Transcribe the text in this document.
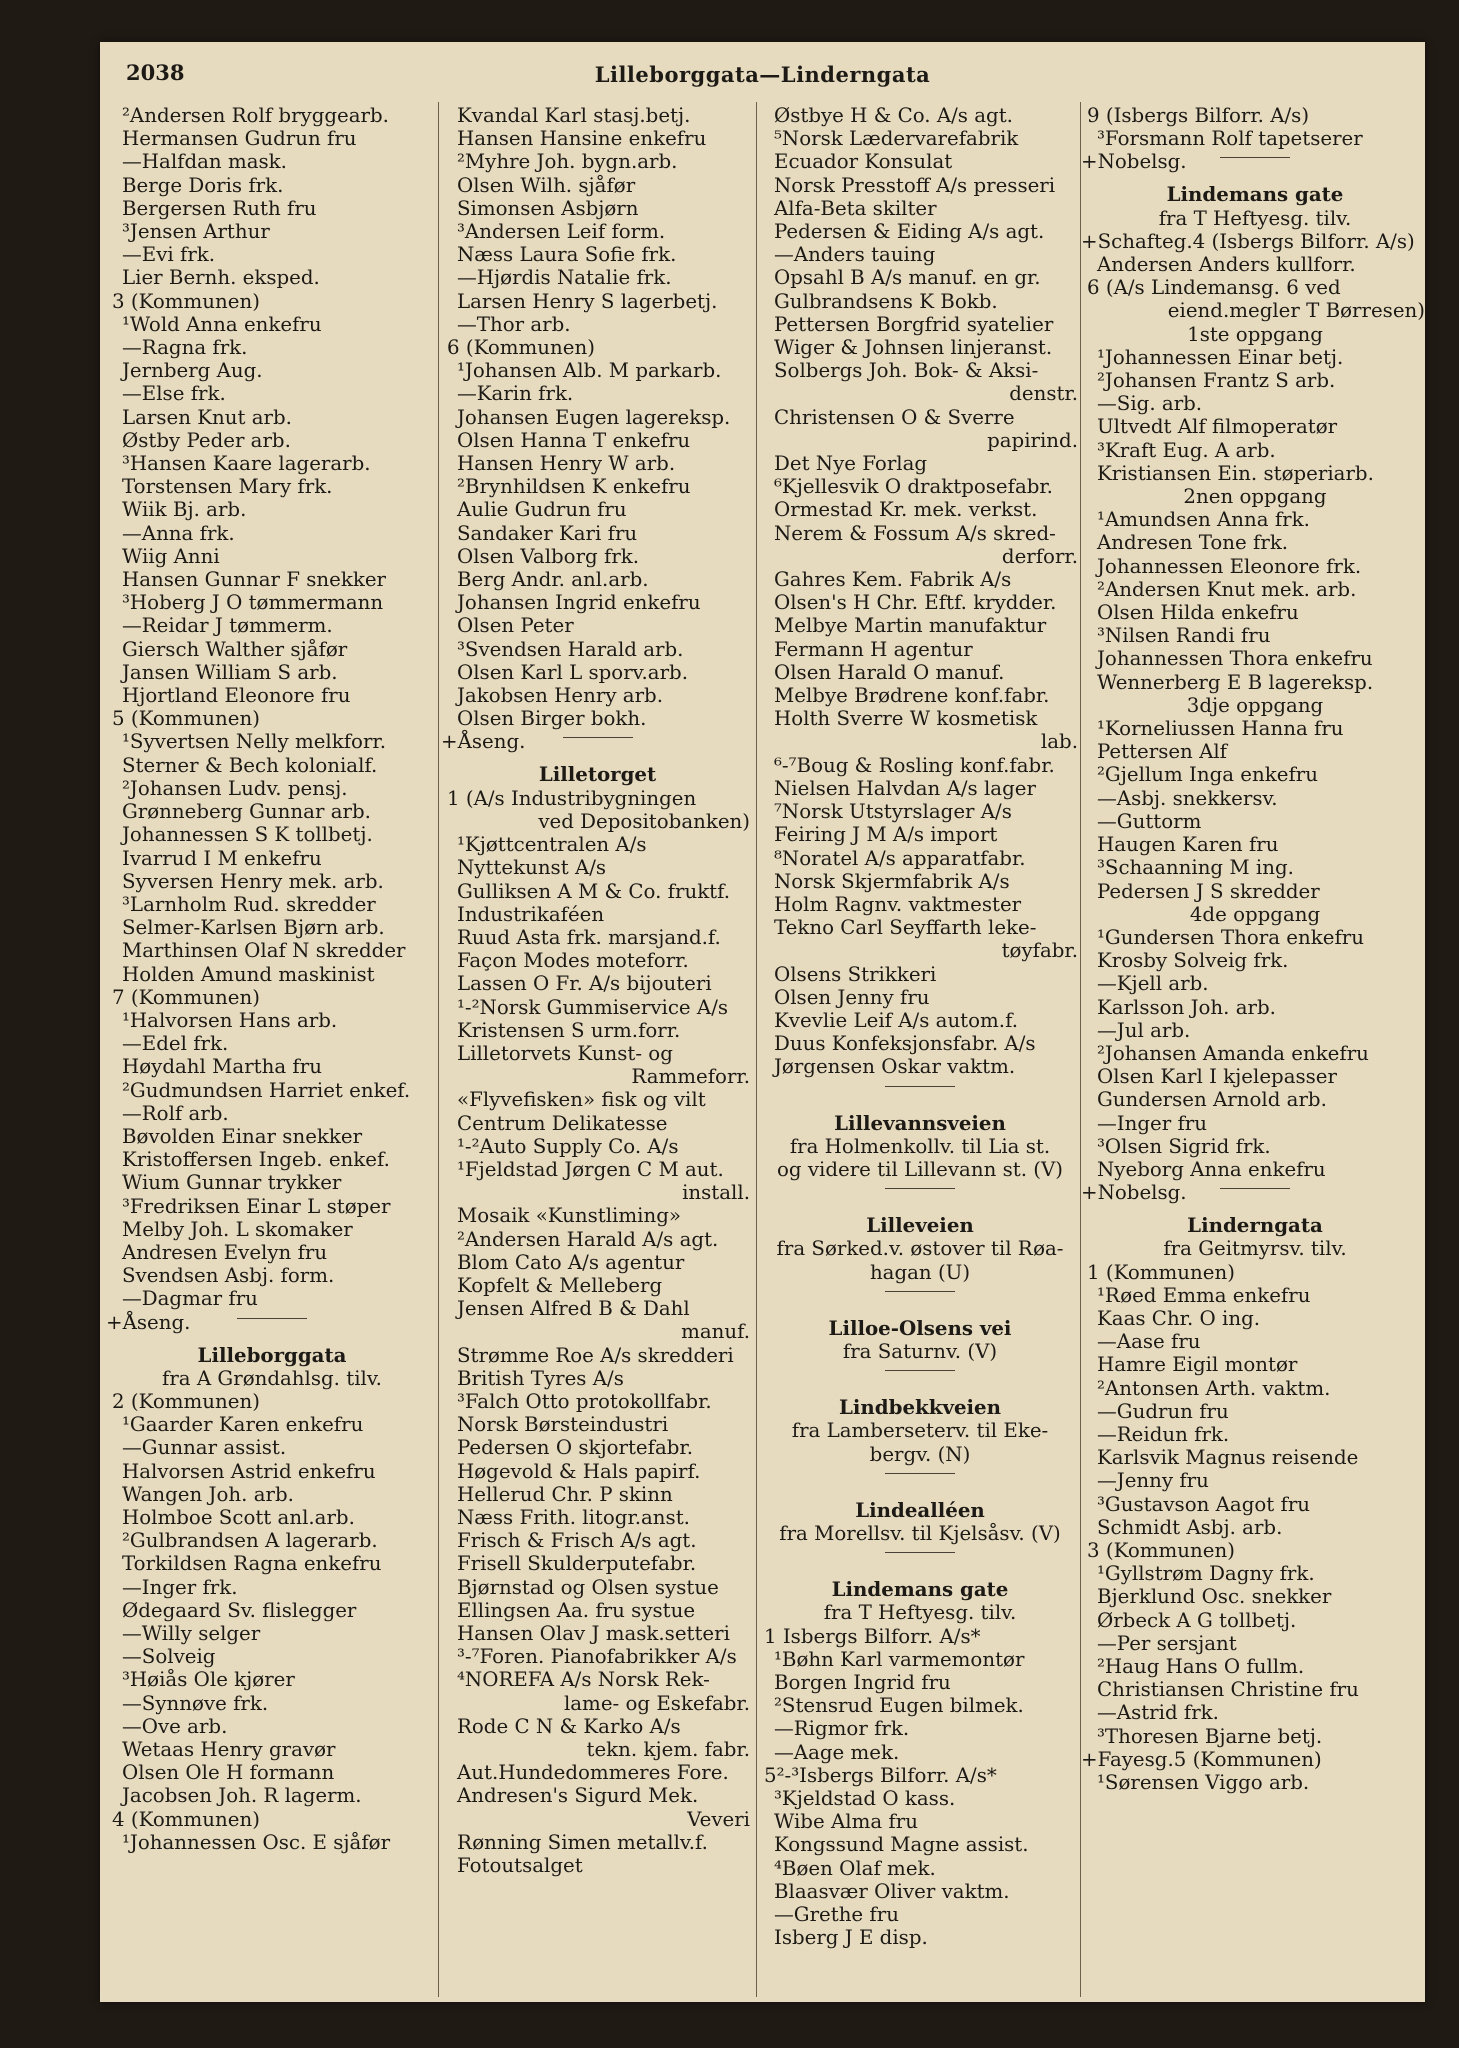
2038	Lilleborggata—Linderngata
²Andersen Rolf bryggearb.
Hermansen Gudrun fru
—Halfdan mask.
Berge Doris frk.
Bergersen Ruth fru
³Jensen Arthur
—Evi frk.
Lier Bernh. eksped.
3 (Kommunen)
¹Wold Anna enkefru
—Ragna frk.
Jernberg Aug.
—Else frk.
Larsen Knut arb.
Østby Peder arb.
³Hansen Kaare lagerarb.
Torstensen Mary frk.
Wiik Bj. arb.
—Anna frk.
Wiig Anni
Hansen Gunnar F snekker
³Hoberg J O tømmermann
—Reidar J tømmerm.
Giersch Walther sjåfør
Jansen William S arb.
Hjortland Eleonore fru
5 (Kommunen)
¹Syvertsen Nelly melkforr.
Sterner & Bech kolonialf.
²Johansen Ludv. pensj.
Grønneberg Gunnar arb.
Johannessen S K tollbetj.
Ivarrud I M enkefru
Syversen Henry mek. arb.
³Larnholm Rud. skredder
Selmer-Karlsen Bjørn arb.
Marthinsen Olaf N skredder
Holden Amund maskinist
7 (Kommunen)
¹Halvorsen Hans arb.
—Edel frk.
Høydahl Martha fru
²Gudmundsen Harriet enkef.
—Rolf arb.
Bøvolden Einar snekker
Kristoffersen Ingeb. enkef.
Wium Gunnar trykker
³Fredriksen Einar L støper
Melby Joh. L skomaker
Andresen Evelyn fru
Svendsen Asbj. form.
—Dagmar fru
+ Åseng.
Lilleborggata
fra A Grøndahlsg. tilv.
2 (Kommunen)
¹Gaarder Karen enkefru
—Gunnar assist.
Halvorsen Astrid enkefru
Wangen Joh. arb.
Holmboe Scott anl.arb.
²Gulbrandsen A lagerarb.
Torkildsen Ragna enkefru
—Inger frk.
Ødegaard Sv. flislegger
—Willy selger
—Solveig
³Høiås Ole kjører
—Synnøve frk.
—Ove arb.
Wetaas Henry gravør
Olsen Ole H formann
Jacobsen Joh. R lagerm.
4 (Kommunen)
¹Johannessen Osc. E sjåfør
Kvandal Karl stasj.betj.
Hansen Hansine enkefru
²Myhre Joh. bygn.arb.
Olsen Wilh. sjåfør
Simonsen Asbjørn
³Andersen Leif form.
Næss Laura Sofie frk.
—Hjørdis Natalie frk.
Larsen Henry S lagerbetj.
—Thor arb.
6 (Kommunen)
¹Johansen Alb. M parkarb.
—Karin frk.
Johansen Eugen lagereksp.
Olsen Hanna T enkefru
Hansen Henry W arb.
²Brynhildsen K enkefru
Aulie Gudrun fru
Sandaker Kari fru
Olsen Valborg frk.
Berg Andr. anl.arb.
Johansen Ingrid enkefru
Olsen Peter
³Svendsen Harald arb.
Olsen Karl L sporv.arb.
Jakobsen Henry arb.
Olsen Birger bokh.
+ Åseng.
Lilletorget
1 (A/s Industribygningen
ved Depositobanken)
¹Kjøttcentralen A/s
Nyttekunst A/s
Gulliksen A M & Co. fruktf.
Industrikaféen
Ruud Asta frk. marsjand.f.
Façon Modes moteforr.
Lassen O Fr. A/s bijouteri
¹‑²Norsk Gummiservice A/s
Kristensen S urm.forr.
Lilletorvets Kunst- og
Rammeforr.
«Flyvefisken» fisk og vilt
Centrum Delikatesse
¹‑²Auto Supply Co. A/s
¹Fjeldstad Jørgen C M aut.
install.
Mosaik «Kunstliming»
²Andersen Harald A/s agt.
Blom Cato A/s agentur
Kopfelt & Melleberg
Jensen Alfred B & Dahl
manuf.
Strømme Roe A/s skredderi
British Tyres A/s
³Falch Otto protokollfabr.
Norsk Børsteindustri
Pedersen O skjortefabr.
Høgevold & Hals papirf.
Hellerud Chr. P skinn
Næss Frith. litogr.anst.
Frisch & Frisch A/s agt.
Frisell Skulderputefabr.
Bjørnstad og Olsen systue
Ellingsen Aa. fru systue
Hansen Olav J mask.setteri
³‑⁷Foren. Pianofabrikker A/s
⁴NOREFA A/s Norsk Rek-
lame- og Eskefabr.
Rode C N & Karko A/s
tekn. kjem. fabr.
Aut.Hundedommeres Fore.
Andresen's Sigurd Mek.
Veveri
Rønning Simen metallv.f.
Fotoutsalget
Østbye H & Co. A/s agt.
⁵Norsk Lædervarefabrik
Ecuador Konsulat
Norsk Presstoff A/s presseri
Alfa-Beta skilter
Pedersen & Eiding A/s agt.
—Anders tauing
Opsahl B A/s manuf. en gr.
Gulbrandsens K Bokb.
Pettersen Borgfrid syatelier
Wiger & Johnsen linjeranst.
Solbergs Joh. Bok- & Aksi-
denstr.
Christensen O & Sverre
papirind.
Det Nye Forlag
⁶Kjellesvik O draktposefabr.
Ormestad Kr. mek. verkst.
Nerem & Fossum A/s skred-
derforr.
Gahres Kem. Fabrik A/s
Olsen's H Chr. Eftf. krydder.
Melbye Martin manufaktur
Fermann H agentur
Olsen Harald O manuf.
Melbye Brødrene konf.fabr.
Holth Sverre W kosmetisk
lab.
⁶‑⁷Boug & Rosling konf.fabr.
Nielsen Halvdan A/s lager
⁷Norsk Utstyrslager A/s
Feiring J M A/s import
⁸Noratel A/s apparatfabr.
Norsk Skjermfabrik A/s
Holm Ragnv. vaktmester
Tekno Carl Seyffarth leke-
tøyfabr.
Olsens Strikkeri
Olsen Jenny fru
Kvevlie Leif A/s autom.f.
Duus Konfeksjonsfabr. A/s
Jørgensen Oskar vaktm.
Lillevannsveien
fra Holmenkollv. til Lia st.
og videre til Lillevann st. (V)
Lilleveien
fra Sørked.v. østover til Røa-
hagan (U)
Lilloe-Olsens vei
fra Saturnv. (V)
Lindbekkveien
fra Lamberseterv. til Eke-
bergv. (N)
Lindealléen
fra Morellsv. til Kjelsåsv. (V)
Lindemans gate
fra T Heftyesg. tilv.
1 Isbergs Bilforr. A/s*
¹Bøhn Karl varmemontør
Borgen Ingrid fru
²Stensrud Eugen bilmek.
—Rigmor frk.
—Aage mek.
5²‑³Isbergs Bilforr. A/s*
³Kjeldstad O kass.
Wibe Alma fru
Kongssund Magne assist.
⁴Bøen Olaf mek.
Blaasvær Oliver vaktm.
—Grethe fru
Isberg J E disp.
9 (Isbergs Bilforr. A/s)
³Forsmann Rolf tapetserer
+ Nobelsg.
Lindemans gate
fra T Heftyesg. tilv.
+ Schafteg. 4 (Isbergs Bilforr. A/s)
Andersen Anders kullforr.
6 (A/s Lindemansg. 6 ved
eiend.megler T Børresen)
1ste oppgang
¹Johannessen Einar betj.
²Johansen Frantz S arb.
—Sig. arb.
Ultvedt Alf filmoperatør
³Kraft Eug. A arb.
Kristiansen Ein. støperiarb.
2nen oppgang
¹Amundsen Anna frk.
Andresen Tone frk.
Johannessen Eleonore frk.
²Andersen Knut mek. arb.
Olsen Hilda enkefru
³Nilsen Randi fru
Johannessen Thora enkefru
Wennerberg E B lagereksp.
3dje oppgang
¹Korneliussen Hanna fru
Pettersen Alf
²Gjellum Inga enkefru
—Asbj. snekkersv.
—Guttorm
Haugen Karen fru
³Schaanning M ing.
Pedersen J S skredder
4de oppgang
¹Gundersen Thora enkefru
Krosby Solveig frk.
—Kjell arb.
Karlsson Joh. arb.
—Jul arb.
²Johansen Amanda enkefru
Olsen Karl I kjelepasser
Gundersen Arnold arb.
—Inger fru
³Olsen Sigrid frk.
Nyeborg Anna enkefru
+ Nobelsg.
Linderngata
fra Geitmyrsv. tilv.
1 (Kommunen)
¹Røed Emma enkefru
Kaas Chr. O ing.
—Aase fru
Hamre Eigil montør
²Antonsen Arth. vaktm.
—Gudrun fru
—Reidun frk.
Karlsvik Magnus reisende
—Jenny fru
³Gustavson Aagot fru
Schmidt Asbj. arb.
3 (Kommunen)
¹Gyllstrøm Dagny frk.
Bjerklund Osc. snekker
Ørbeck A G tollbetj.
—Per sersjant
²Haug Hans O fullm.
Christiansen Christine fru
—Astrid frk.
³Thoresen Bjarne betj.
+ Fayesg. 5 (Kommunen)
¹Sørensen Viggo arb.
